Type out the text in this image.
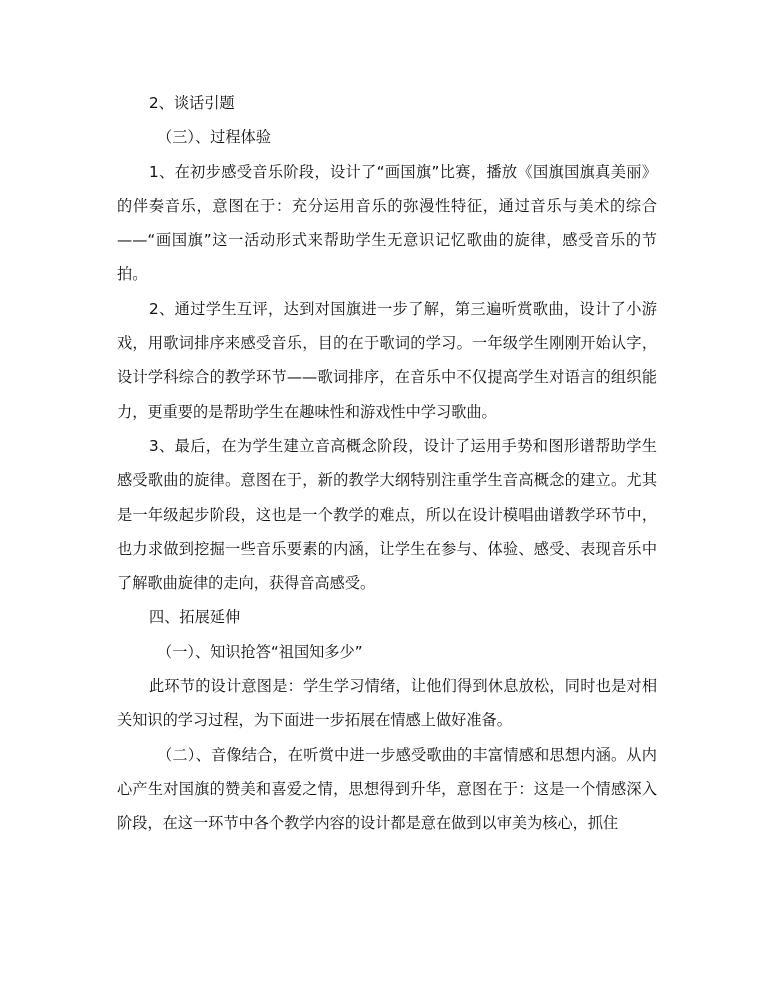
2、谈话引题

（三）、过程体验

1、在初步感受音乐阶段，设计了“画国旗”比赛，播放《国旗国旗真美丽》的伴奏音乐，意图在于：充分运用音乐的弥漫性特征，通过音乐与美术的综合——“画国旗”这一活动形式来帮助学生无意识记忆歌曲的旋律，感受音乐的节拍。

2、通过学生互评，达到对国旗进一步了解，第三遍听赏歌曲，设计了小游戏，用歌词排序来感受音乐，目的在于歌词的学习。一年级学生刚刚开始认字，设计学科综合的教学环节——歌词排序，在音乐中不仅提高学生对语言的组织能力，更重要的是帮助学生在趣味性和游戏性中学习歌曲。

3、最后，在为学生建立音高概念阶段，设计了运用手势和图形谱帮助学生感受歌曲的旋律。意图在于，新的教学大纲特别注重学生音高概念的建立。尤其是一年级起步阶段，这也是一个教学的难点，所以在设计模唱曲谱教学环节中，也力求做到挖掘一些音乐要素的内涵，让学生在参与、体验、感受、表现音乐中了解歌曲旋律的走向，获得音高感受。

四、拓展延伸

（一）、知识抢答“祖国知多少”

此环节的设计意图是：学生学习情绪，让他们得到休息放松，同时也是对相关知识的学习过程，为下面进一步拓展在情感上做好准备。

（二）、音像结合，在听赏中进一步感受歌曲的丰富情感和思想内涵。从内心产生对国旗的赞美和喜爱之情，思想得到升华，意图在于：这是一个情感深入阶段，在这一环节中各个教学内容的设计都是意在做到以审美为核心，抓住
